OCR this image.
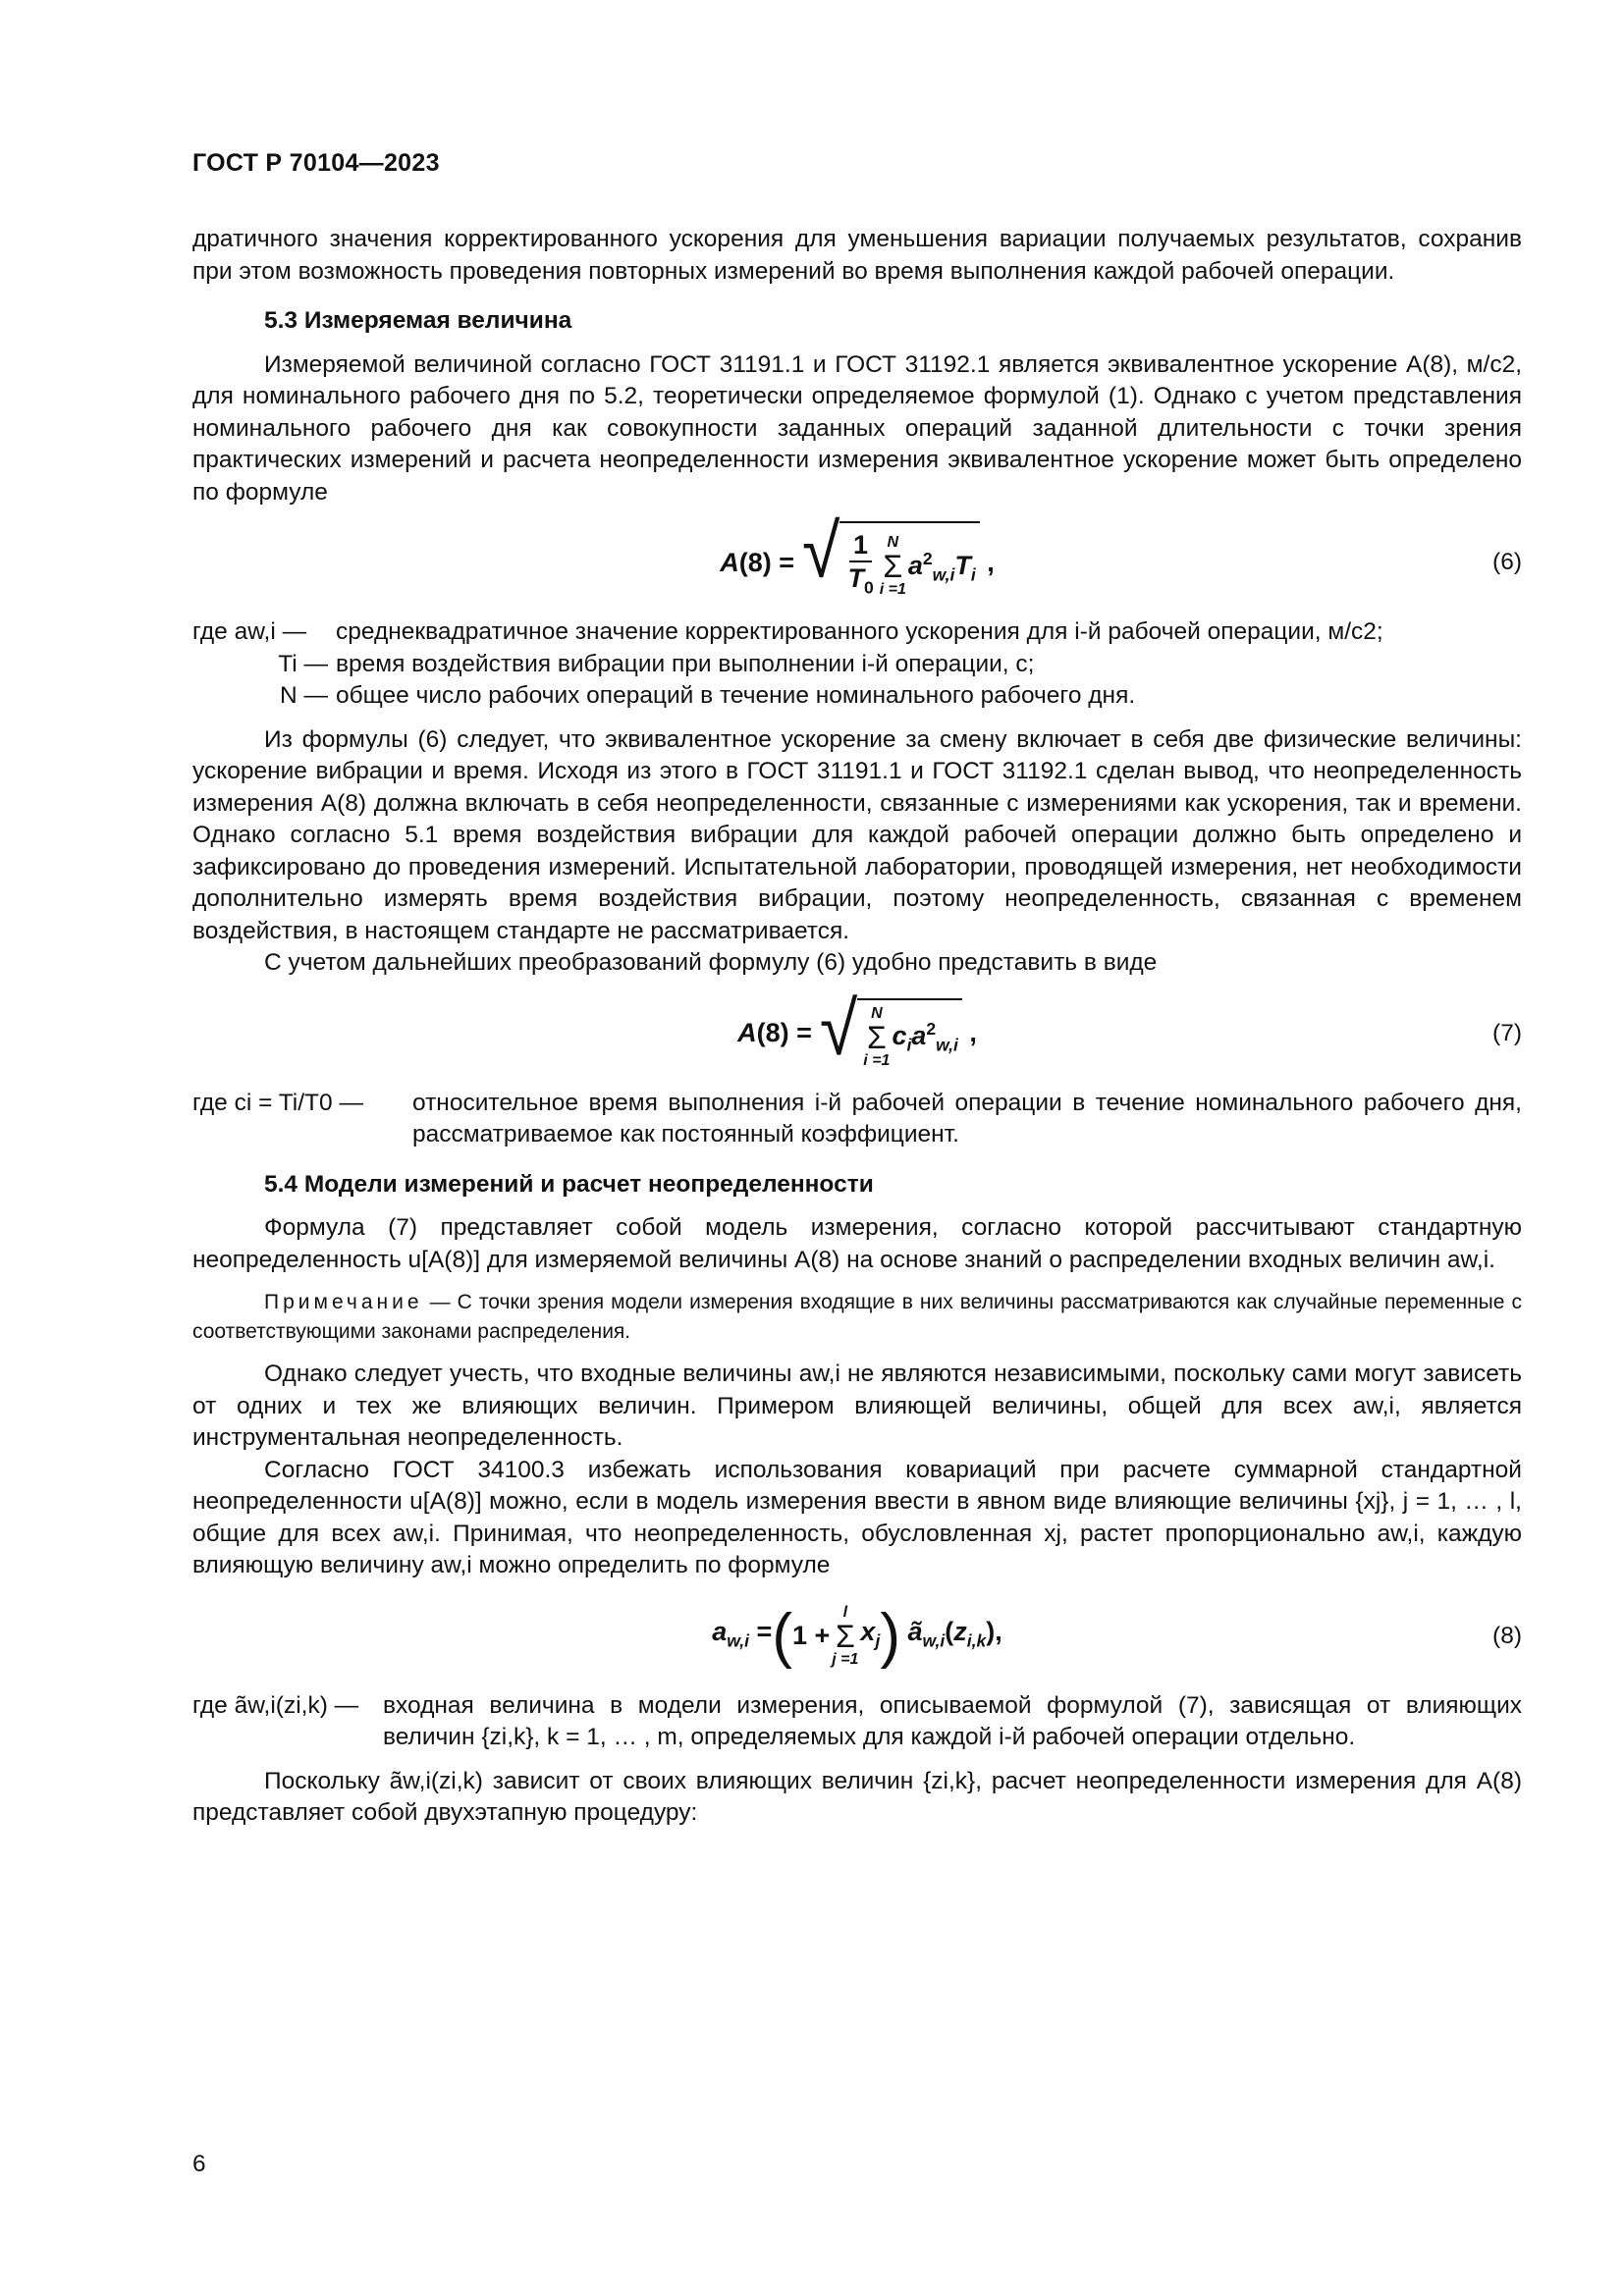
ГОСТ Р 70104—2023

дратичного значения корректированного ускорения для уменьшения вариации получаемых результатов, сохранив при этом возможность проведения повторных измерений во время выполнения каждой рабочей операции.

5.3 Измеряемая величина

Измеряемой величиной согласно ГОСТ 31191.1 и ГОСТ 31192.1 является эквивалентное ускорение A(8), м/с2, для номинального рабочего дня по 5.2, теоретически определяемое формулой (1). Однако с учетом представления номинального рабочего дня как совокупности заданных операций заданной длительности с точки зрения практических измерений и расчета неопределенности измерения эквивалентное ускорение может быть определено по формуле

A(8) = √ $\frac{1}{T_0}$ N
Σ
i =1
$a^2_{w,i}T_i$ ,	(6)
где aw,i —	среднеквадратичное значение корректированного ускорения для i-й рабочей операции, м/с2;
Ti — время воздействия вибрации при выполнении i-й операции, с;
N — общее число рабочих операций в течение номинального рабочего дня.

Из формулы (6) следует, что эквивалентное ускорение за смену включает в себя две физические величины: ускорение вибрации и время. Исходя из этого в ГОСТ 31191.1 и ГОСТ 31192.1 сделан вывод, что неопределенность измерения A(8) должна включать в себя неопределенности, связанные с измерениями как ускорения, так и времени. Однако согласно 5.1 время воздействия вибрации для каждой рабочей операции должно быть определено и зафиксировано до проведения измерений. Испытательной лаборатории, проводящей измерения, нет необходимости дополнительно измерять время воздействия вибрации, поэтому неопределенность, связанная с временем воздействия, в настоящем стандарте не рассматривается.

С учетом дальнейших преобразований формулу (6) удобно представить в виде

A(8) = √ N
Σ
i =1
$c_ia^2_{w,i}$ ,	(7)
где ci = Ti/T0 —	относительное время выполнения i-й рабочей операции в течение номинального рабочего дня, рассматриваемое как постоянный коэффициент.
5.4 Модели измерений и расчет неопределенности

Формула (7) представляет собой модель измерения, согласно которой рассчитывают стандартную неопределенность u[A(8)] для измеряемой величины A(8) на основе знаний о распределении входных величин aw,i.

Примечание — С точки зрения модели измерения входящие в них величины рассматриваются как случайные переменные с соответствующими законами распределения.

Однако следует учесть, что входные величины aw,i не являются независимыми, поскольку сами могут зависеть от одних и тех же влияющих величин. Примером влияющей величины, общей для всех aw,i, является инструментальная неопределенность.

Согласно ГОСТ 34100.3 избежать использования ковариаций при расчете суммарной стандартной неопределенности u[A(8)] можно, если в модель измерения ввести в явном виде влияющие величины {xj}, j = 1, … , l, общие для всех aw,i. Принимая, что неопределенность, обусловленная xj, растет пропорционально aw,i, каждую влияющую величину aw,i можно определить по формуле

$a_{w,i}$ = ( 1 +
l
Σ
j =1
$x_j$ ) $ã_{w,i}(z_{i,k})$,	(8)
где ãw,i(zi,k) —	входная величина в модели измерения, описываемой формулой (7), зависящая от влияющих величин {zi,k}, k = 1, … , m, определяемых для каждой i-й рабочей операции отдельно.

Поскольку ãw,i(zi,k) зависит от своих влияющих величин {zi,k}, расчет неопределенности измерения для A(8) представляет собой двухэтапную процедуру:

6
